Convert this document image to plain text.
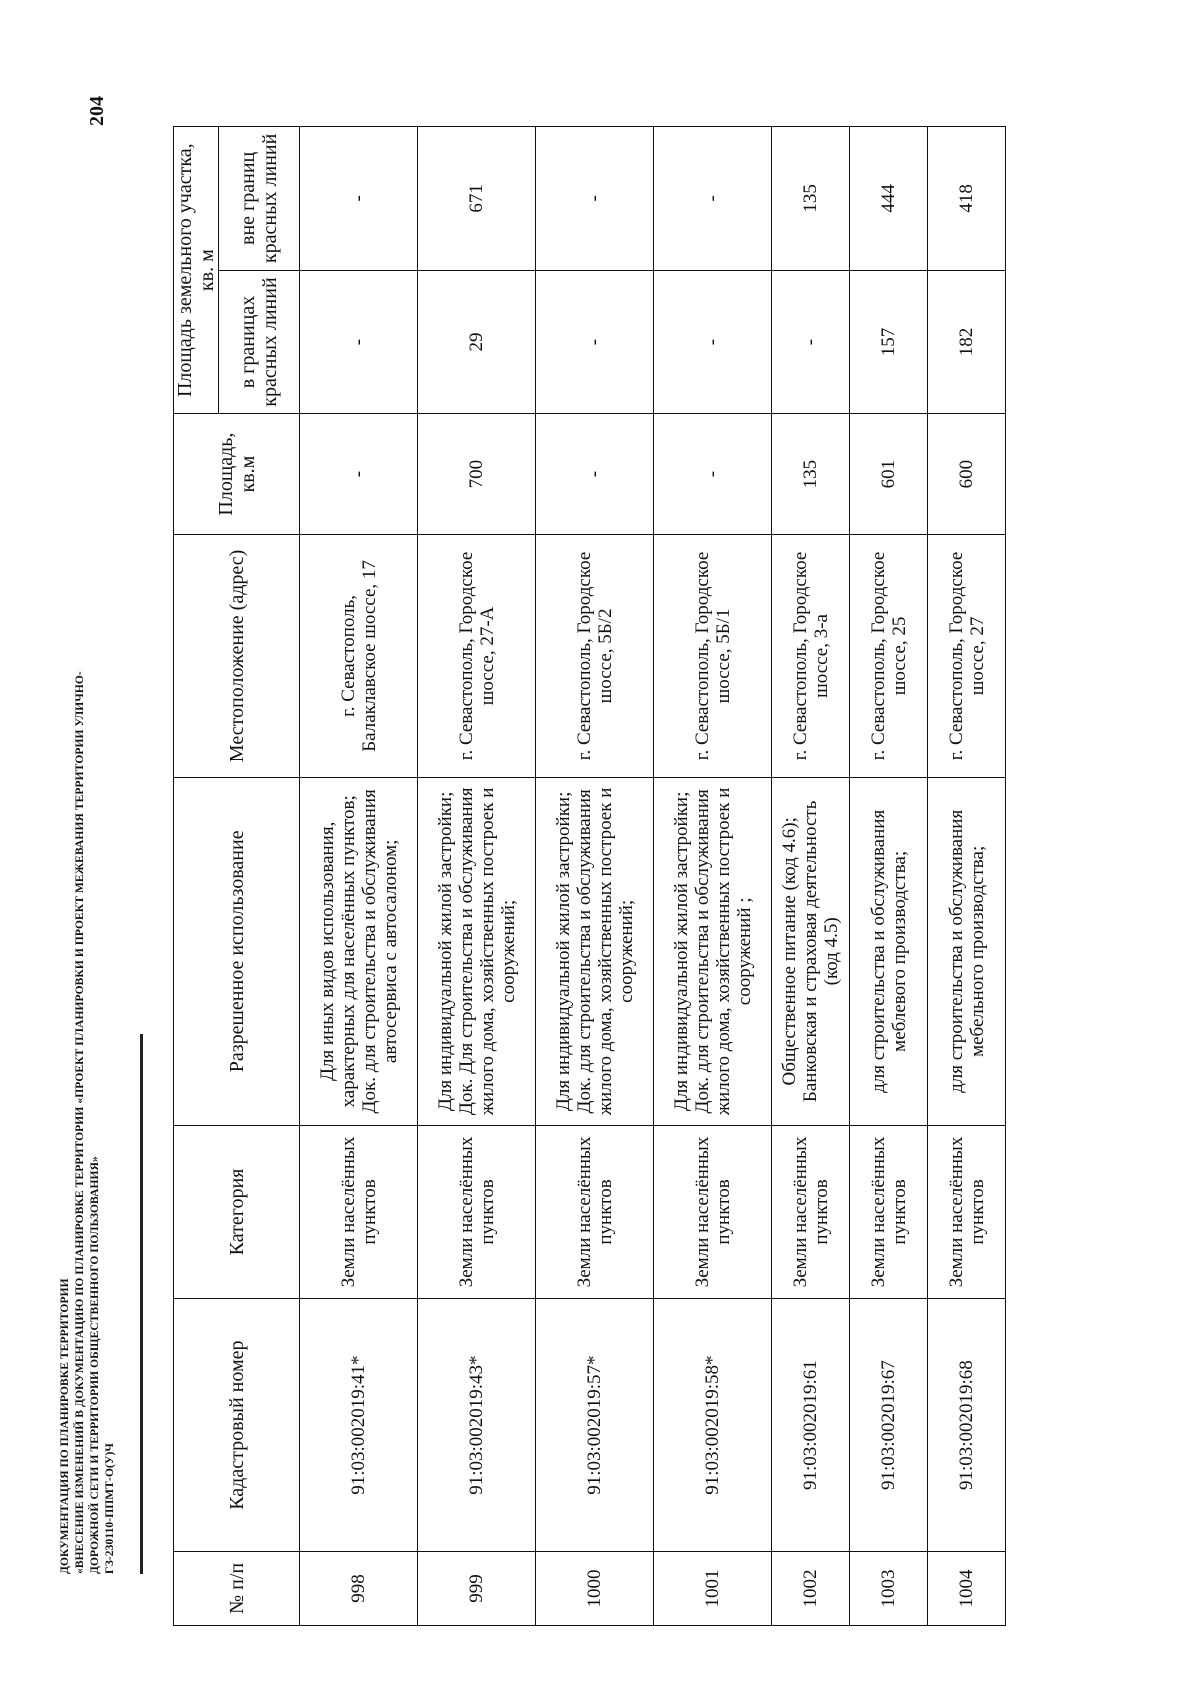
ДОКУМЕНТАЦИЯ ПО ПЛАНИРОВКЕ ТЕРРИТОРИИ «ВНЕСЕНИЕ ИЗМЕНЕНИЙ В ДОКУМЕНТАЦИЮ ПО ПЛАНИРОВКЕ ТЕРРИТОРИИ «ПРОЕКТ ПЛАНИРОВКИ И ПРОЕКТ МЕЖЕВАНИЯ ТЕРРИТОРИИ УЛИЧНО- ДОРОЖНОЙ СЕТИ И ТЕРРИТОРИИ ОБЩЕСТВЕННОГО ПОЛЬЗОВАНИЯ» ГЗ-230110-ППМТ-О(У)Ч
204
№ п/п	Кадастровый номер	Категория	Разрешенное использование	Местоположение (адрес)	Площадь, кв.м	Площадь земельного участка, кв. м	
						в границах красных линий	вне границ красных линий
998	91:03:002019:41*	Земли населённых пунктов	Для иных видов использования, характерных для населённых пунктов; Док. для строительства и обслуживания автосервиса с автосалоном;	г. Севастополь, Балаклавское шоссе, 17	-	-	-
999	91:03:002019:43*	Земли населённых пунктов	Для индивидуальной жилой застройки; Док. Для строительства и обслуживания жилого дома, хозяйственных построек и сооружений;	г. Севастополь, Городское шоссе, 27-А	700	29	671
1000	91:03:002019:57*	Земли населённых пунктов	Для индивидуальной жилой застройки; Док. для строительства и обслуживания жилого дома, хозяйственных построек и сооружений;	г. Севастополь, Городское шоссе, 5Б/2	-	-	-
1001	91:03:002019:58*	Земли населённых пунктов	Для индивидуальной жилой застройки; Док. для строительства и обслуживания жилого дома, хозяйственных построек и сооружений ;	г. Севастополь, Городское шоссе, 5Б/1	-	-	-
1002	91:03:002019:61	Земли населённых пунктов	Общественное питание (код 4.6); Банковская и страховая деятельность (код 4.5)	г. Севастополь, Городское шоссе, 3-а	135	-	135
1003	91:03:002019:67	Земли населённых пунктов	для строительства и обслуживания меблевого производства;	г. Севастополь, Городское шоссе, 25	601	157	444
1004	91:03:002019:68	Земли населённых пунктов	для строительства и обслуживания мебельного производства;	г. Севастополь, Городское шоссе, 27	600	182	418
